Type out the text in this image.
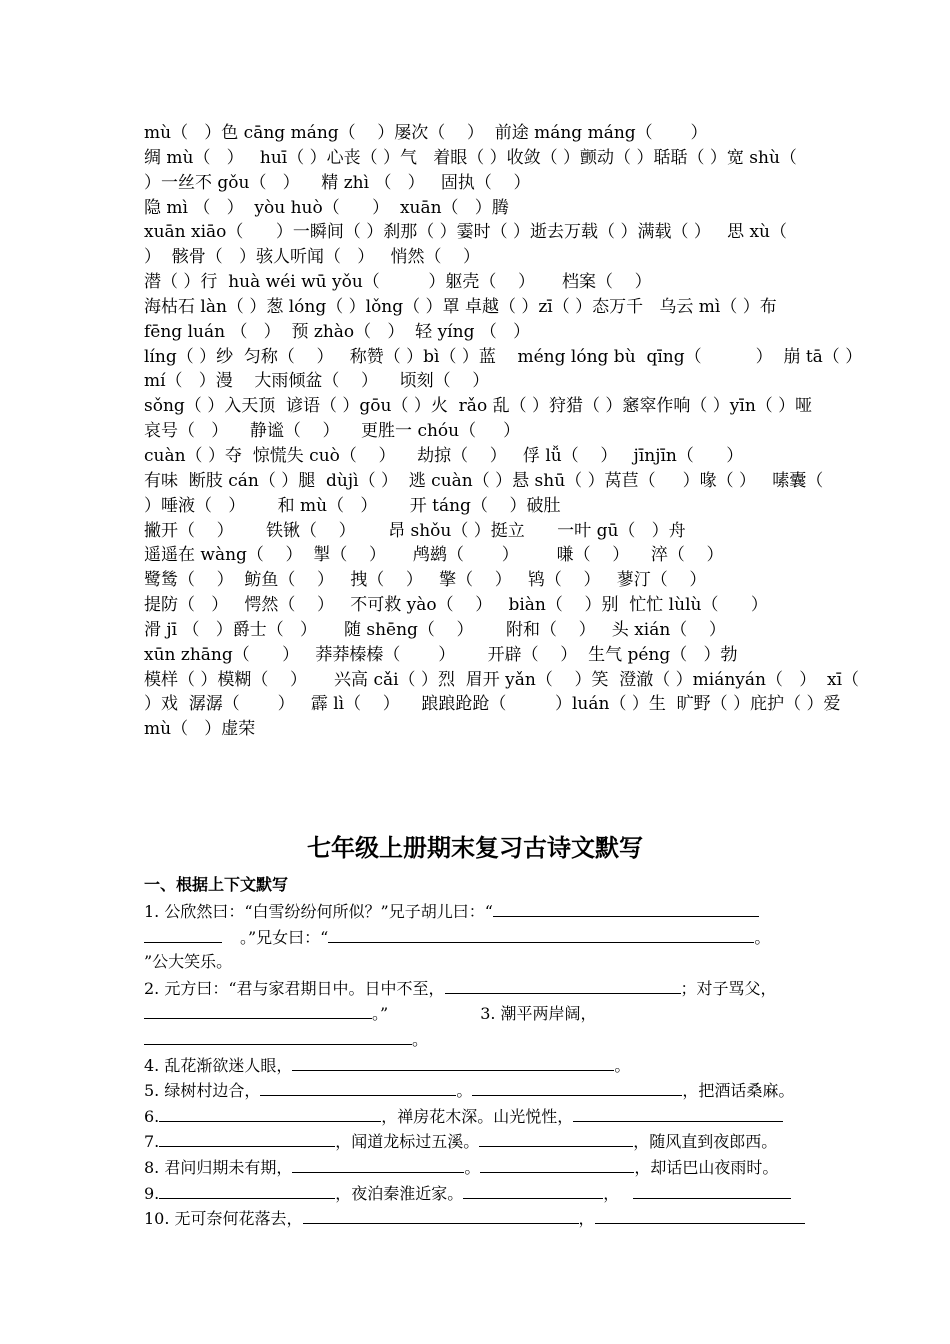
mù（   ）色 cāng máng（    ）屡次（    ）  前途 máng máng（       ）
绸 mù（   ）   huī（ ）心丧（ ）气   着眼（ ）收敛（ ）颤动（ ）聒聒（ ）宽 shù（
）一丝不 gǒu（   ）    精 zhì （   ）   固执（    ）
隐 mì （   ）  yòu huò（      ）  xuān（   ）腾
xuān xiāo（      ）一瞬间（ ）刹那（ ）霎时（ ）逝去万载（ ）满载（ ）   思 xù（
）  骸骨（   ）骇人听闻（   ）   悄然（    ）
潜（ ）行  huà wéi wū yǒu（         ）躯壳（    ）     档案（    ）
海枯石 làn（ ）葱 lóng（ ）lǒng（ ）罩 卓越（ ）zī（ ）态万千   乌云 mì（ ）布
fēng luán （   ）  预 zhào（   ）  轻 yíng （   ）
líng（ ）纱  匀称（    ）   称赞（ ）bì（ ）蓝    méng lóng bù  qīng（          ）  崩 tā（ ）
mí（   ）漫    大雨倾盆（    ）    顷刻（    ）
sǒng（ ）入天顶  谚语（ ）gōu（ ）火  rǎo 乱（ ）狩猎（ ）窸窣作响（ ）yīn（ ）哑
哀号（   ）    静谧（    ）    更胜一 chóu（     ）
cuàn（ ）夺  惊慌失 cuò（    ）    劫掠（    ）   俘 lǚ（    ）   jīnjīn（      ）
有味  断肢 cán（ ）腿  dùjì（ ）  逃 cuàn（ ）悬 shū（ ）莴苣（     ）喙（ ）   嗉囊（
）唾液（   ）      和 mù（   ）      开 táng（    ）破肚
撇开（    ）      铁锹（    ）      昂 shǒu（ ）挺立      一叶 gū（   ）舟
遥遥在 wàng（    ）  掣（    ）     鸬鹚（       ）       嗛（    ）    淬（    ）
鹭鸶（    ）  鲂鱼（    ）   拽（    ）   擎（    ）   鸨（    ）   蓼汀（    ）
提防（   ）   愕然（    ）   不可救 yào（    ）   biàn（    ）别  忙忙 lùlù（      ）
滑 jī （   ）爵士（   ）     随 shēng（    ）      附和（    ）   头 xián（    ）
xūn zhāng（      ）   莽莽榛榛（       ）      开辟（    ）  生气 péng（   ）勃
模样（ ）模糊（    ）     兴高 cǎi（ ）烈  眉开 yǎn（    ）笑  澄澈（ ）miányán（   ）  xī（
）戏  潺潺（       ）   霹 lì（    ）    踉踉跄跄（         ）luán（ ）生  旷野（ ）庇护（ ）爱
mù（   ）虚荣
七年级上册期末复习古诗文默写
一、根据上下文默写
1. 公欣然曰：“白雪纷纷何所似？”兄子胡儿曰：“
。”兄女曰：“	。
”公大笑乐。
2. 元方曰：“君与家君期日中。日中不至，	；对子骂父，
。”	3. 潮平两岸阔，
。
4. 乱花渐欲迷人眼，	。
5. 绿树村边合，	。	，把酒话桑麻。
6.	，禅房花木深。山光悦性，
7.	，闻道龙标过五溪。	，随风直到夜郎西。
8. 君问归期未有期，	。	，却话巴山夜雨时。
9.	，夜泊秦淮近家。	，
10. 无可奈何花落去，	，
